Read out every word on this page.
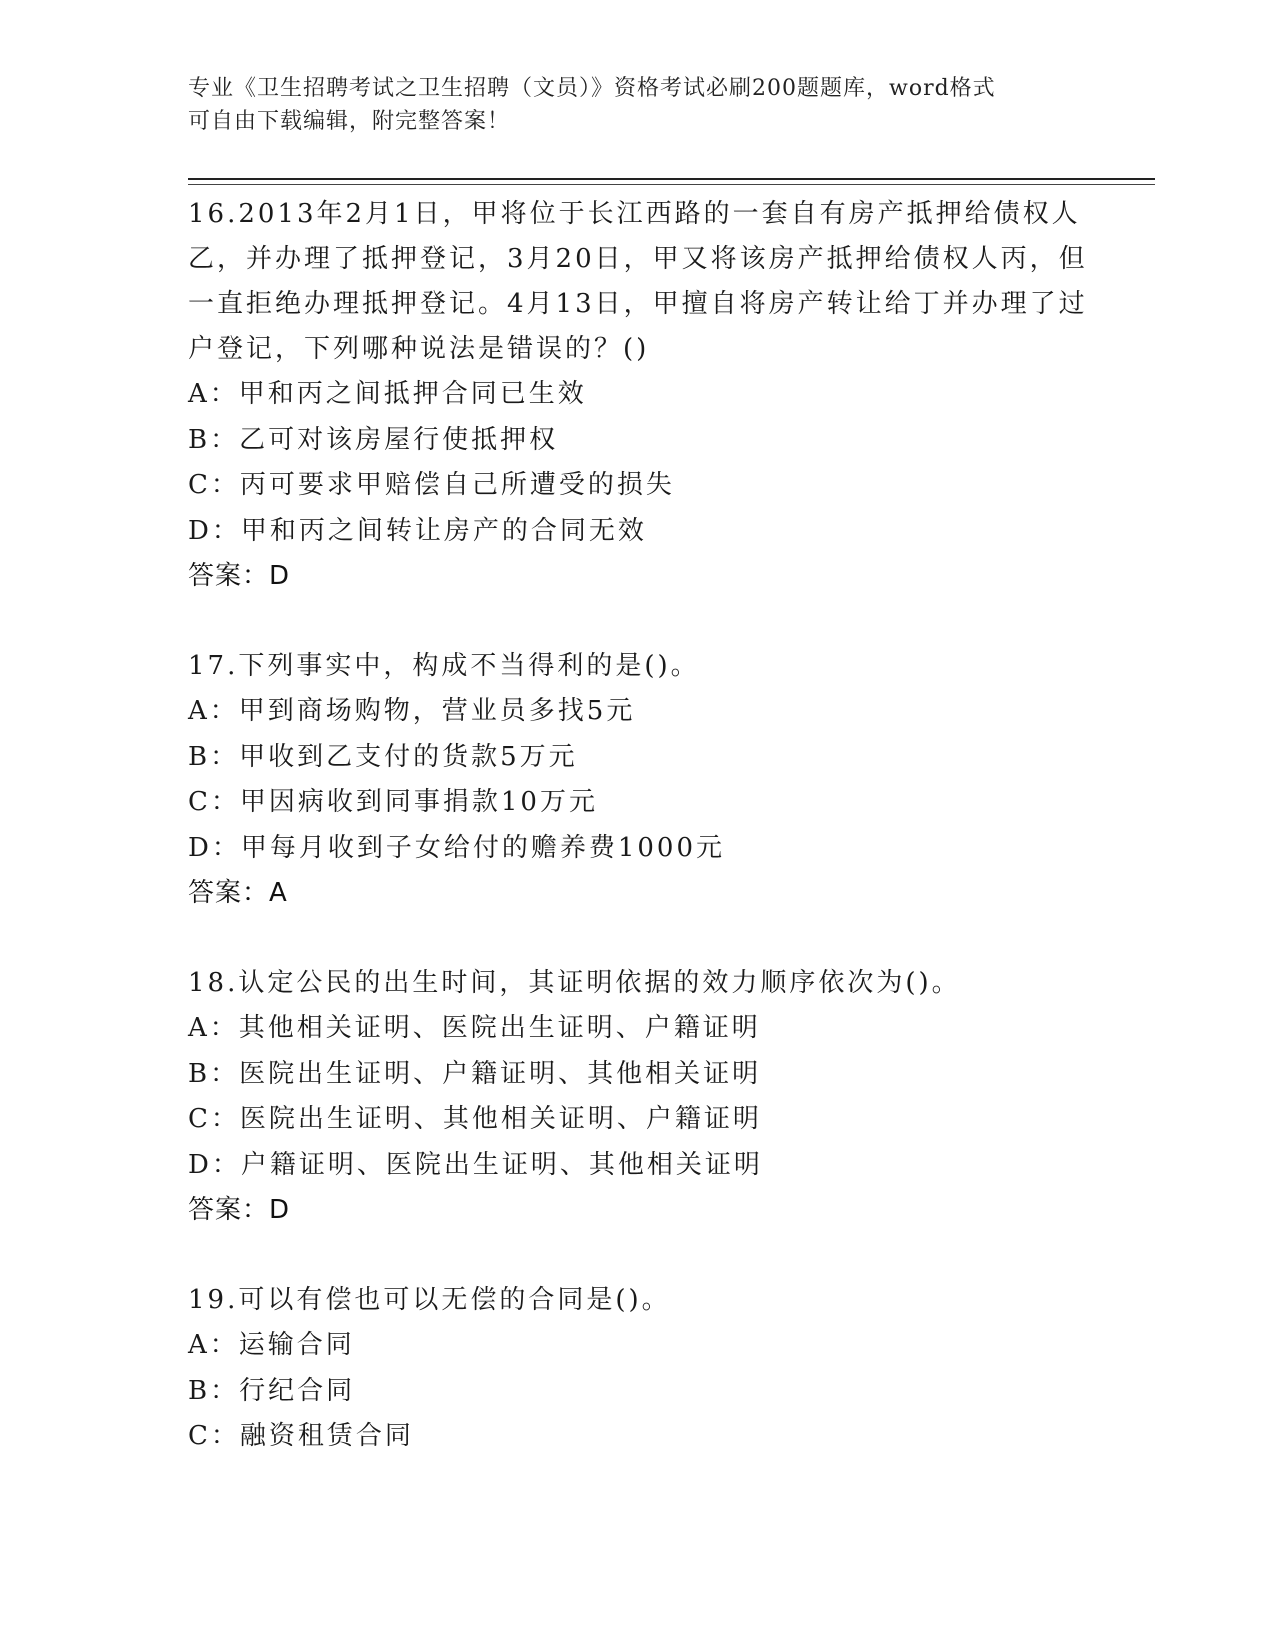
专业《卫生招聘考试之卫生招聘（文员）》资格考试必刷200题题库，word格式
可自由下载编辑，附完整答案！
16.2013年2月1日，甲将位于长江西路的一套自有房产抵押给债权人乙，并办理了抵押登记，3月20日，甲又将该房产抵押给债权人丙，但一直拒绝办理抵押登记。4月13日，甲擅自将房产转让给丁并办理了过户登记，下列哪种说法是错误的？()
A：甲和丙之间抵押合同已生效
B：乙可对该房屋行使抵押权
C：丙可要求甲赔偿自己所遭受的损失
D：甲和丙之间转让房产的合同无效
答案：D
17.下列事实中，构成不当得利的是()。
A：甲到商场购物，营业员多找5元
B：甲收到乙支付的货款5万元
C：甲因病收到同事捐款10万元
D：甲每月收到子女给付的赡养费1000元
答案：A
18.认定公民的出生时间，其证明依据的效力顺序依次为()。
A：其他相关证明、医院出生证明、户籍证明
B：医院出生证明、户籍证明、其他相关证明
C：医院出生证明、其他相关证明、户籍证明
D：户籍证明、医院出生证明、其他相关证明
答案：D
19.可以有偿也可以无偿的合同是()。
A：运输合同
B：行纪合同
C：融资租赁合同
